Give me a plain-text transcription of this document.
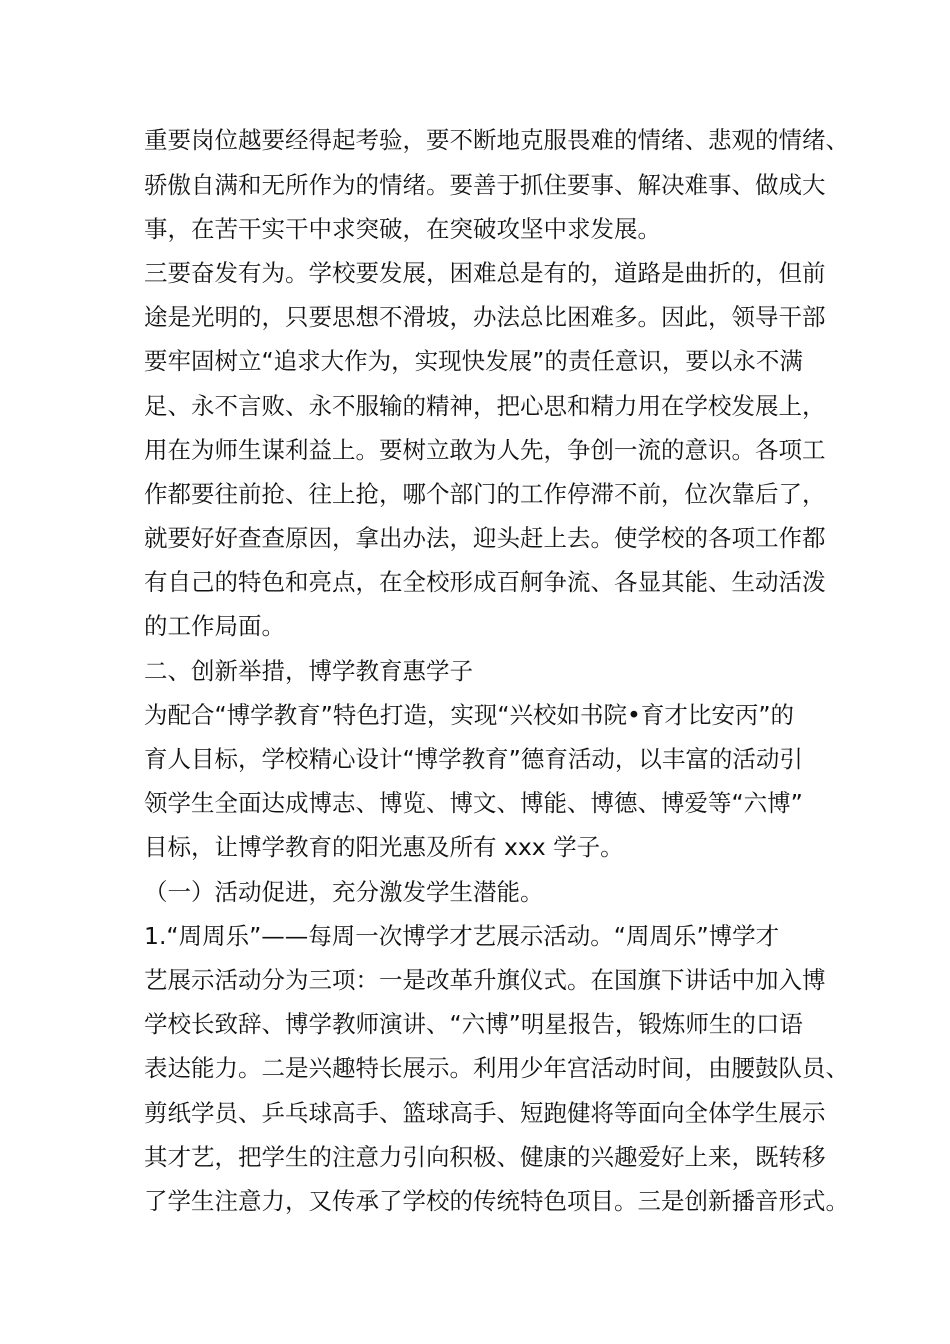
重要岗位越要经得起考验，要不断地克服畏难的情绪、悲观的情绪、
骄傲自满和无所作为的情绪。要善于抓住要事、解决难事、做成大
事，在苦干实干中求突破，在突破攻坚中求发展。
三要奋发有为。学校要发展，困难总是有的，道路是曲折的，但前
途是光明的，只要思想不滑坡，办法总比困难多。因此，领导干部
要牢固树立“追求大作为，实现快发展”的责任意识，要以永不满
足、永不言败、永不服输的精神，把心思和精力用在学校发展上，
用在为师生谋利益上。要树立敢为人先，争创一流的意识。各项工
作都要往前抢、往上抢，哪个部门的工作停滞不前，位次靠后了，
就要好好查查原因，拿出办法，迎头赶上去。使学校的各项工作都
有自己的特色和亮点，在全校形成百舸争流、各显其能、生动活泼
的工作局面。
二、创新举措，博学教育惠学子
为配合“博学教育”特色打造，实现“兴校如书院•育才比安丙”的
育人目标，学校精心设计“博学教育”德育活动，以丰富的活动引
领学生全面达成博志、博览、博文、博能、博德、博爱等“六博”
目标，让博学教育的阳光惠及所有 xxx 学子。
（一）活动促进，充分激发学生潜能。
1.“周周乐”——每周一次博学才艺展示活动。“周周乐”博学才
艺展示活动分为三项：一是改革升旗仪式。在国旗下讲话中加入博
学校长致辞、博学教师演讲、“六博”明星报告，锻炼师生的口语
表达能力。二是兴趣特长展示。利用少年宫活动时间，由腰鼓队员、
剪纸学员、乒乓球高手、篮球高手、短跑健将等面向全体学生展示
其才艺，把学生的注意力引向积极、健康的兴趣爱好上来，既转移
了学生注意力，又传承了学校的传统特色项目。三是创新播音形式。
